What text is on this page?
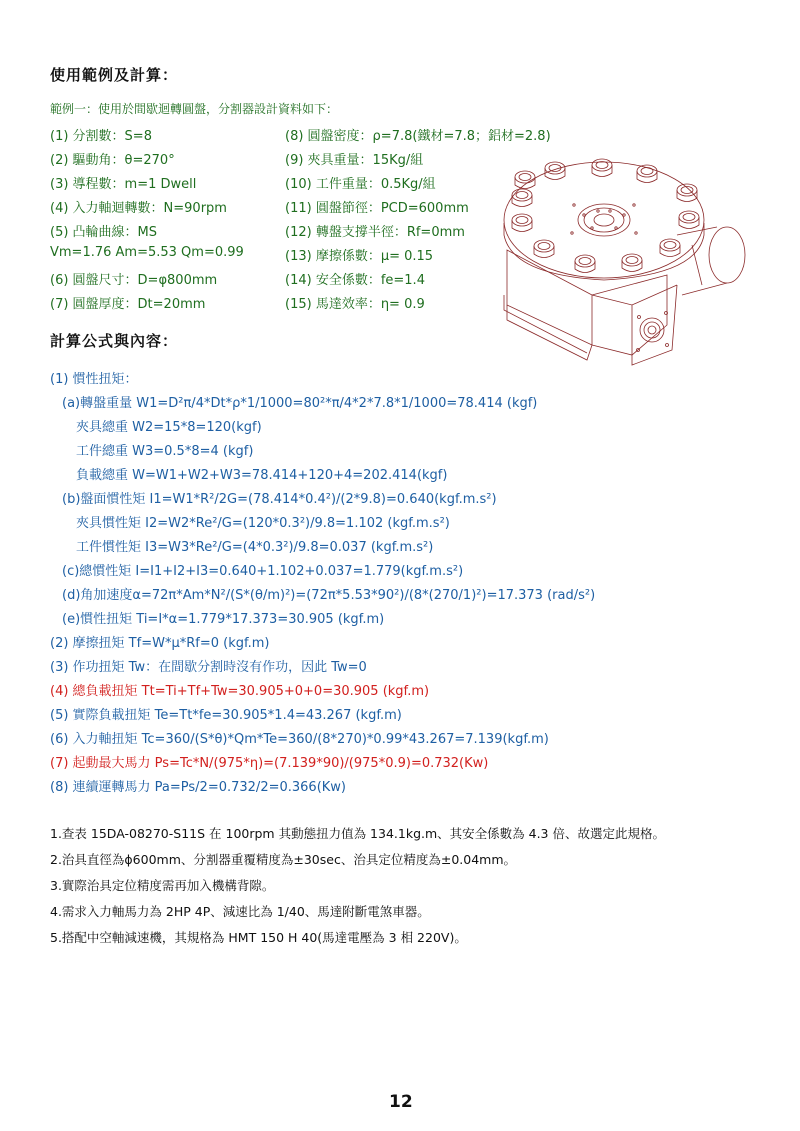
使用範例及計算：
範例一：使用於間歇迴轉圓盤，分割器設計資料如下：
(1) 分割數：S=8
(2) 驅動角：θ=270°
(3) 導程數：m=1 Dwell
(4) 入力軸迴轉數：N=90rpm
(5) 凸輪曲線：MS
Vm=1.76 Am=5.53 Qm=0.99
(6) 圓盤尺寸：D=φ800mm
(7) 圓盤厚度：Dt=20mm
(8) 圓盤密度：ρ=7.8(鐵材=7.8；鋁材=2.8)
(9) 夾具重量：15Kg/組
(10) 工件重量：0.5Kg/組
(11) 圓盤節徑：PCD=600mm
(12) 轉盤支撐半徑：Rf=0mm
(13) 摩擦係數：μ= 0.15
(14) 安全係數：fe=1.4
(15) 馬達效率：η= 0.9
計算公式與內容：
(1) 慣性扭矩：
(a)轉盤重量 W1=D²π/4*Dt*ρ*1/1000=80²*π/4*2*7.8*1/1000=78.414 (kgf)
夾具總重 W2=15*8=120(kgf)
工件總重 W3=0.5*8=4 (kgf)
負載總重 W=W1+W2+W3=78.414+120+4=202.414(kgf)
(b)盤面慣性矩 I1=W1*R²/2G=(78.414*0.4²)/(2*9.8)=0.640(kgf.m.s²)
夾具慣性矩 I2=W2*Re²/G=(120*0.3²)/9.8=1.102 (kgf.m.s²)
工件慣性矩 I3=W3*Re²/G=(4*0.3²)/9.8=0.037 (kgf.m.s²)
(c)總慣性矩 I=I1+I2+I3=0.640+1.102+0.037=1.779(kgf.m.s²)
(d)角加速度α=72π*Am*N²/(S*(θ/m)²)=(72π*5.53*90²)/(8*(270/1)²)=17.373 (rad/s²)
(e)慣性扭矩 Ti=I*α=1.779*17.373=30.905 (kgf.m)
(2) 摩擦扭矩 Tf=W*μ*Rf=0 (kgf.m)
(3) 作功扭矩 Tw：在間歇分割時沒有作功，因此 Tw=0
(4) 總負載扭矩 Tt=Ti+Tf+Tw=30.905+0+0=30.905 (kgf.m)
(5) 實際負載扭矩 Te=Tt*fe=30.905*1.4=43.267 (kgf.m)
(6) 入力軸扭矩 Tc=360/(S*θ)*Qm*Te=360/(8*270)*0.99*43.267=7.139(kgf.m)
(7) 起動最大馬力 Ps=Tc*N/(975*η)=(7.139*90)/(975*0.9)=0.732(Kw)
(8) 連續運轉馬力 Pa=Ps/2=0.732/2=0.366(Kw)
1.查表 15DA-08270-S11S 在 100rpm 其動態扭力值為 134.1kg.m、其安全係數為 4.3 倍、故選定此規格。
2.治具直徑為ϕ600mm、分割器重覆精度為±30sec、治具定位精度為±0.04mm。
3.實際治具定位精度需再加入機構背隙。
4.需求入力軸馬力為 2HP 4P、減速比為 1/40、馬達附斷電煞車器。
5.搭配中空軸減速機，其規格為 HMT 150 H 40(馬達電壓為 3 相 220V)。
12
